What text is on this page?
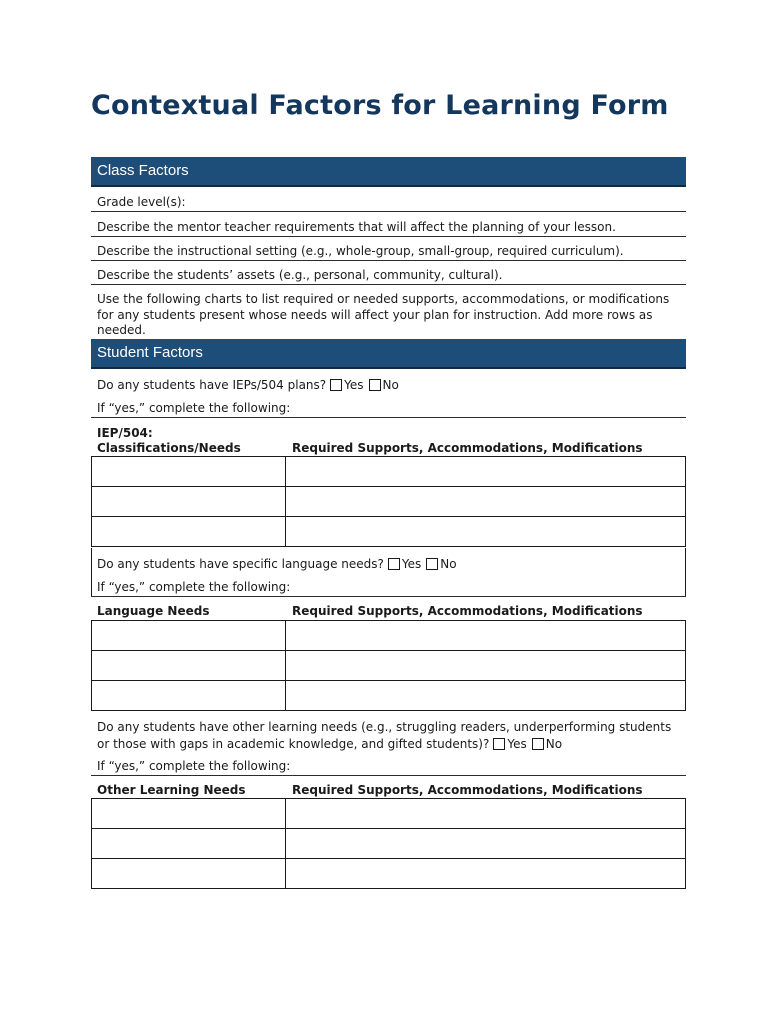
Contextual Factors for Learning Form
Class Factors
Grade level(s):
Describe the mentor teacher requirements that will affect the planning of your lesson.
Describe the instructional setting (e.g., whole-group, small-group, required curriculum).
Describe the students’ assets (e.g., personal, community, cultural).
Use the following charts to list required or needed supports, accommodations, or modifications for any students present whose needs will affect your plan for instruction. Add more rows as needed.
Student Factors
Do any students have IEPs/504 plans? Yes No
If “yes,” complete the following:
IEP/504:
Classifications/Needs	Required Supports, Accommodations, Modifications

Do any students have specific language needs? Yes No
If “yes,” complete the following:
Language Needs	Required Supports, Accommodations, Modifications

Do any students have other learning needs (e.g., struggling readers, underperforming students or those with gaps in academic knowledge, and gifted students)? Yes No
If “yes,” complete the following:
Other Learning Needs	Required Supports, Accommodations, Modifications
